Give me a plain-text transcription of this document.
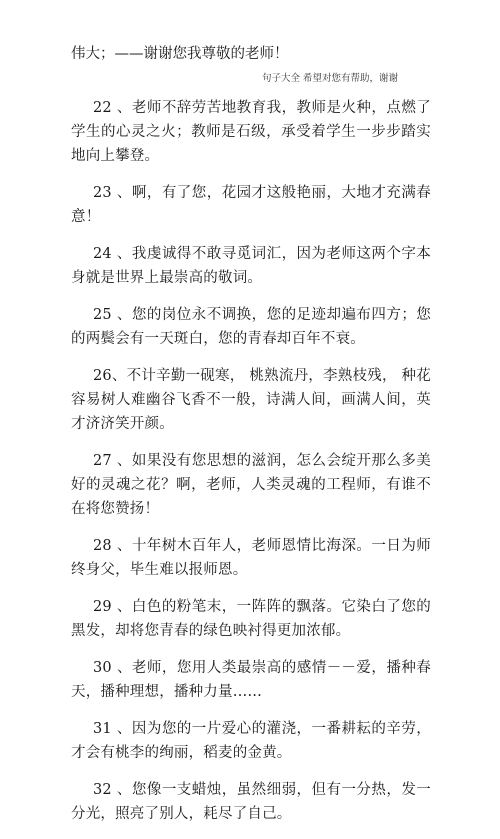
伟大；——谢谢您我尊敬的老师！
句子大全 希望对您有帮助，谢谢

22 、老师不辞劳苦地教育我，教师是火种，点燃了学生的心灵之火；教师是石级，承受着学生一步步踏实地向上攀登。

23 、啊，有了您，花园才这般艳丽，大地才充满春意！

24 、我虔诚得不敢寻觅词汇，因为老师这两个字本身就是世界上最崇高的敬词。

25 、您的岗位永不调换，您的足迹却遍布四方；您的两鬓会有一天斑白，您的青春却百年不衰。

26、不计辛勤一砚寒， 桃熟流丹，李熟枝残， 种花容易树人难幽谷飞香不一般，诗满人间，画满人间，英才济济笑开颜。

27 、如果没有您思想的滋润，怎么会绽开那么多美好的灵魂之花？啊，老师，人类灵魂的工程师，有谁不在将您赞扬！

28 、十年树木百年人，老师恩情比海深。一日为师终身父，毕生难以报师恩。

29 、白色的粉笔末，一阵阵的飘落。它染白了您的黑发，却将您青春的绿色映衬得更加浓郁。

30 、老师，您用人类最崇高的感情－－爱，播种春天，播种理想，播种力量……

31 、因为您的一片爱心的灌浇，一番耕耘的辛劳，才会有桃李的绚丽，稻麦的金黄。

32 、您像一支蜡烛，虽然细弱，但有一分热，发一分光，照亮了别人，耗尽了自己。
